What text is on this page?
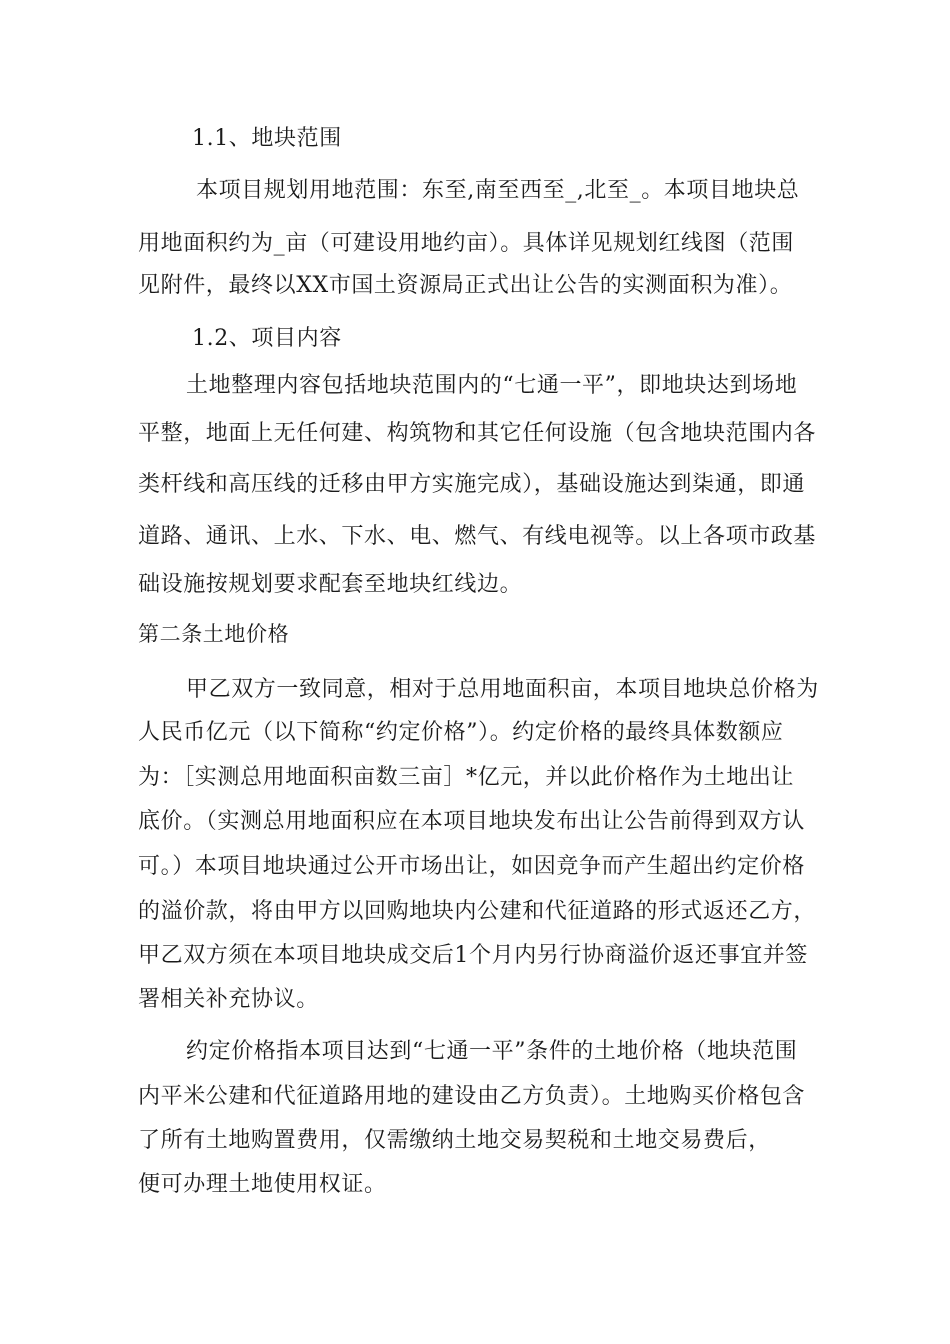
1.1、地块范围
本项目规划用地范围：东至,南至西至_,北至_。本项目地块总
用地面积约为_亩（可建设用地约亩）。具体详见规划红线图（范围
见附件，最终以XX市国土资源局正式出让公告的实测面积为准）。
1.2、项目内容
土地整理内容包括地块范围内的“七通一平”，即地块达到场地
平整，地面上无任何建、构筑物和其它任何设施（包含地块范围内各
类杆线和高压线的迁移由甲方实施完成），基础设施达到柒通，即通
道路、通讯、上水、下水、电、燃气、有线电视等。以上各项市政基
础设施按规划要求配套至地块红线边。
第二条土地价格
甲乙双方一致同意，相对于总用地面积亩，本项目地块总价格为
人民币亿元（以下简称“约定价格”）。约定价格的最终具体数额应
为：［实测总用地面积亩数三亩］*亿元，并以此价格作为土地出让
底价。（实测总用地面积应在本项目地块发布出让公告前得到双方认
可。）本项目地块通过公开市场出让，如因竞争而产生超出约定价格
的溢价款，将由甲方以回购地块内公建和代征道路的形式返还乙方，
甲乙双方须在本项目地块成交后1个月内另行协商溢价返还事宜并签
署相关补充协议。
约定价格指本项目达到“七通一平”条件的土地价格（地块范围
内平米公建和代征道路用地的建设由乙方负责）。土地购买价格包含
了所有土地购置费用，仅需缴纳土地交易契税和土地交易费后，
便可办理土地使用权证。
